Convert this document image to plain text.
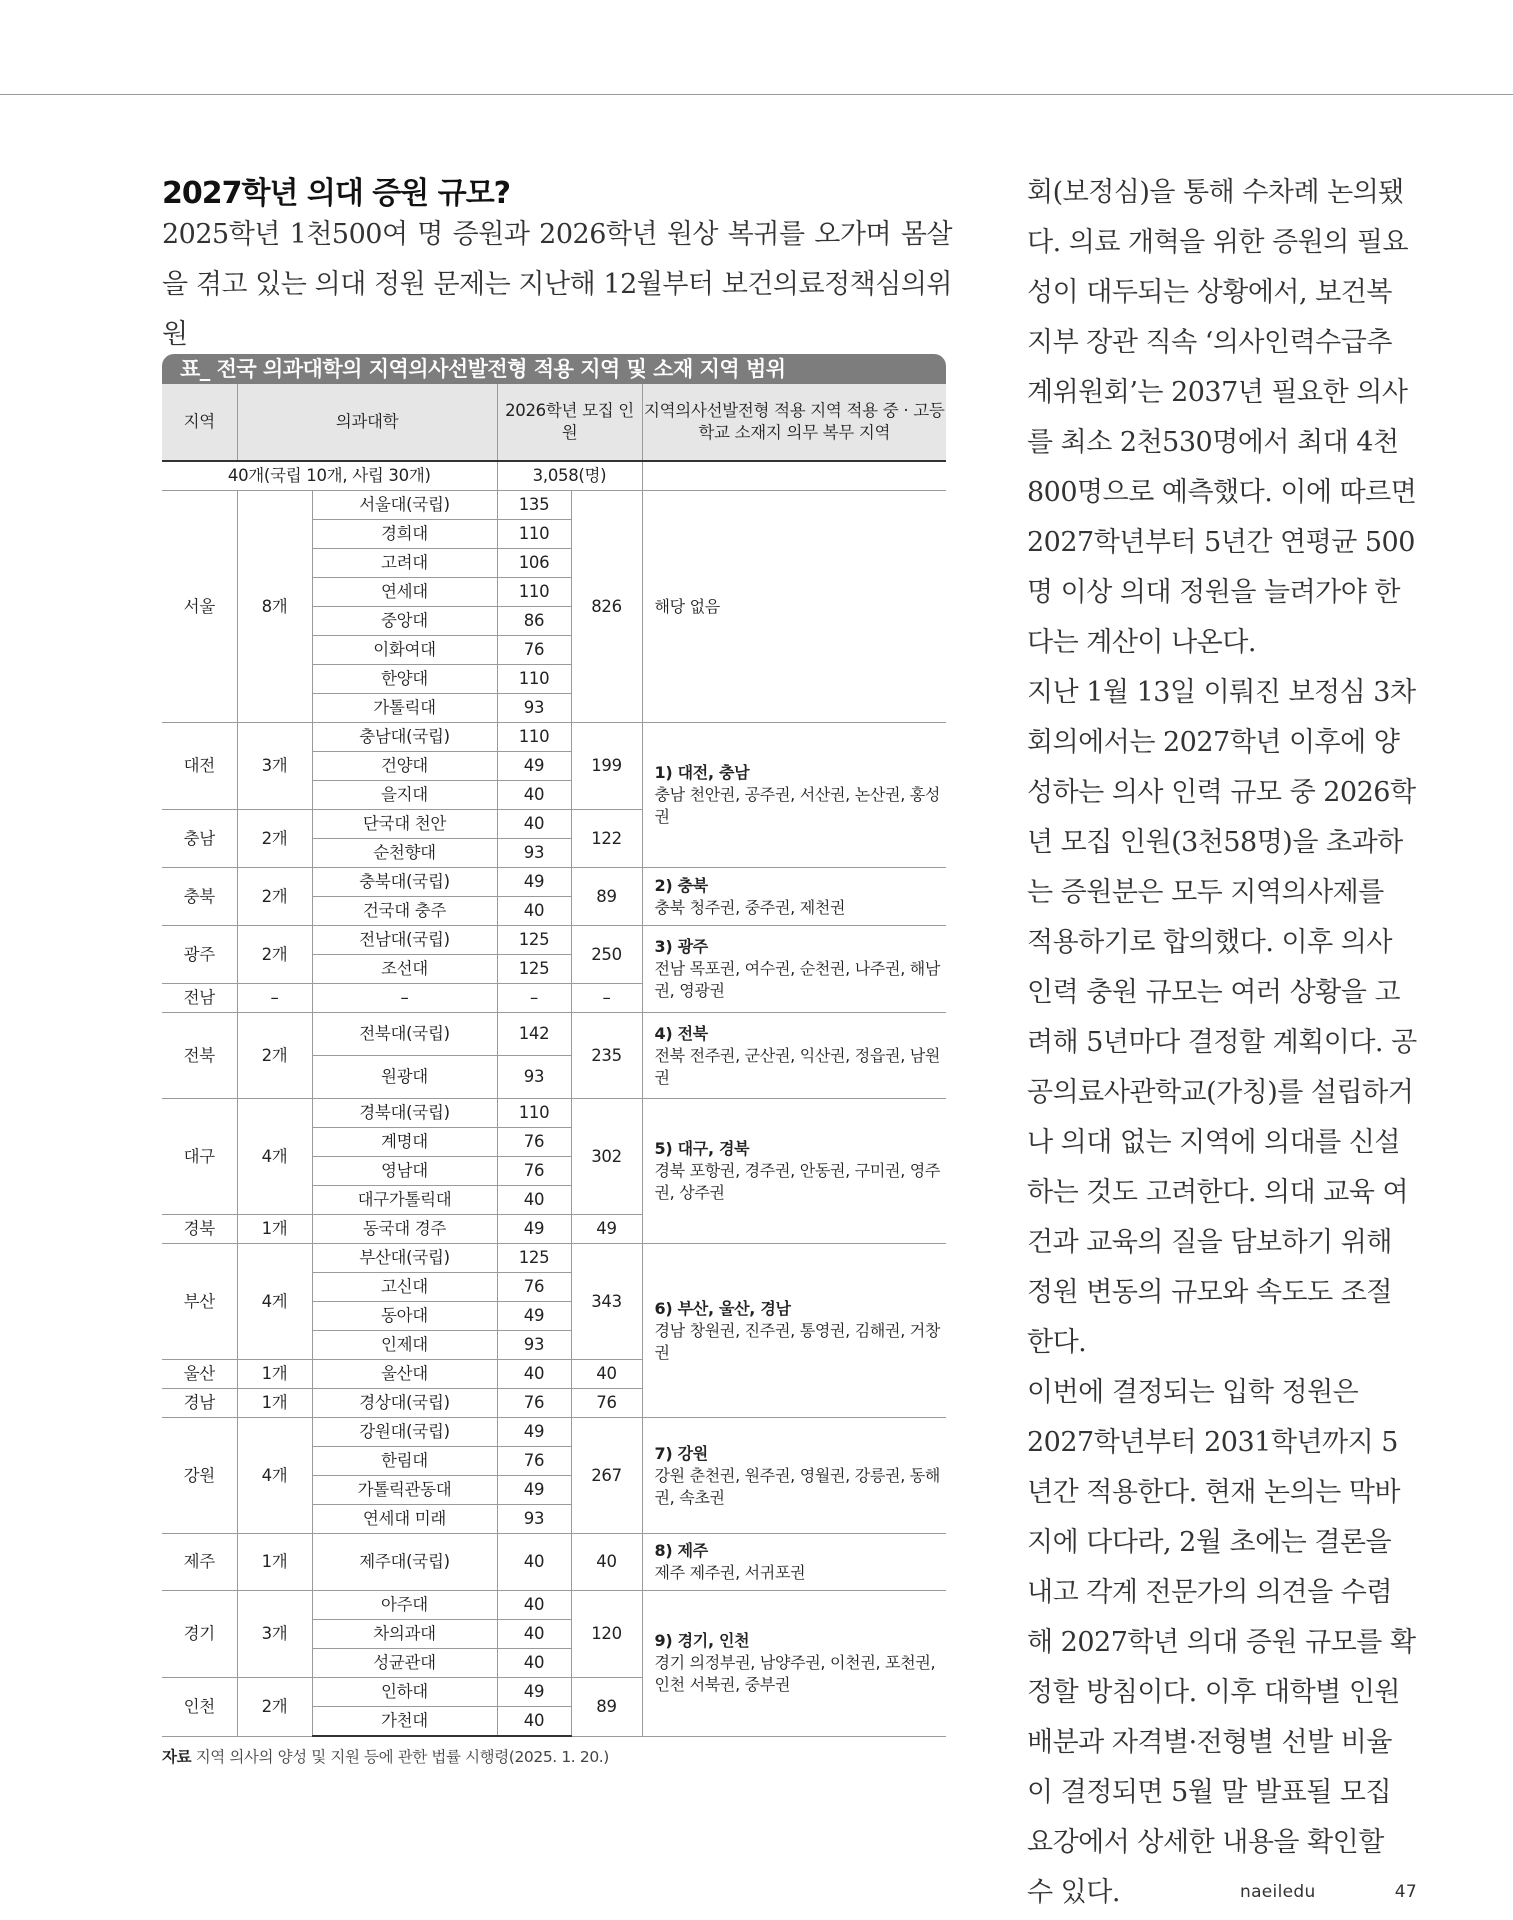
2027학년 의대 증원 규모?

2025학년 1천500여 명 증원과 2026학년 원상 복귀를 오가며 몸살을 겪고 있는 의대 정원 문제는 지난해 12월부터 보건의료정책심의위원

회(보정심)을 통해 수차례 논의됐다. 의료 개혁을 위한 증원의 필요성이 대두되는 상황에서, 보건복지부 장관 직속 ‘의사인력수급추계위원회’는 2037년 필요한 의사를 최소 2천530명에서 최대 4천800명으로 예측했다. 이에 따르면 2027학년부터 5년간 연평균 500명 이상 의대 정원을 늘려가야 한다는 계산이 나온다.

지난 1월 13일 이뤄진 보정심 3차 회의에서는 2027학년 이후에 양성하는 의사 인력 규모 중 2026학년 모집 인원(3천58명)을 초과하는 증원분은 모두 지역의사제를 적용하기로 합의했다. 이후 의사 인력 충원 규모는 여러 상황을 고려해 5년마다 결정할 계획이다. 공공의료사관학교(가칭)를 설립하거나 의대 없는 지역에 의대를 신설하는 것도 고려한다. 의대 교육 여건과 교육의 질을 담보하기 위해 정원 변동의 규모와 속도도 조절한다.

이번에 결정되는 입학 정원은 2027학년부터 2031학년까지 5년간 적용한다. 현재 논의는 막바지에 다다라, 2월 초에는 결론을 내고 각계 전문가의 의견을 수렴해 2027학년 의대 증원 규모를 확정할 방침이다. 이후 대학별 인원 배분과 자격별·전형별 선발 비율이 결정되면 5월 말 발표될 모집 요강에서 상세한 내용을 확인할 수 있다.

표_ 전국 의과대학의 지역의사선발전형 적용 지역 및 소재 지역 범위
지역	의과대학		2026학년 모집 인원		지역의사선발전형 적용 지역 적용 중 · 고등학교 소재지 의무 복무 지역
40개(국립 10개, 사립 30개)			3,058(명)		
서울	8개	서울대(국립)	135	826	해당 없음
		경희대	110		
		고려대	106		
		연세대	110		
		중앙대	86		
		이화여대	76		
		한양대	110		
		가톨릭대	93		
대전	3개	충남대(국립)	110	199	1) 대전, 충남
충남 천안권, 공주권, 서산권, 논산권, 홍성권
		건양대	49		
		을지대	40		
충남	2개	단국대 천안	40	122	
		순천향대	93		
충북	2개	충북대(국립)	49	89	2) 충북
충북 청주권, 중주권, 제천권
		건국대 충주	40		
광주	2개	전남대(국립)	125	250	3) 광주
전남 목포권, 여수권, 순천권, 나주권, 해남권, 영광권
		조선대	125		
전남	–	–	–	–	
전북	2개	전북대(국립)	142	235	4) 전북
전북 전주권, 군산권, 익산권, 정읍권, 남원권
		원광대	93		
대구	4개	경북대(국립)	110	302	5) 대구, 경북
경북 포항권, 경주권, 안동권, 구미권, 영주권, 상주권
		계명대	76		
		영남대	76		
		대구가톨릭대	40		
경북	1개	동국대 경주	49	49	
부산	4게	부산대(국립)	125	343	6) 부산, 울산, 경남
경남 창원권, 진주권, 통영권, 김해권, 거창권
		고신대	76		
		동아대	49		
		인제대	93		
울산	1개	울산대	40	40	
경남	1개	경상대(국립)	76	76	
강원	4개	강원대(국립)	49	267	7) 강원
강원 춘천권, 원주권, 영월권, 강릉권, 동해권, 속초권
		한림대	76		
		가톨릭관동대	49		
		연세대 미래	93		
제주	1개	제주대(국립)	40	40	8) 제주
제주 제주권, 서귀포권
경기	3개	아주대	40	120	9) 경기, 인천
경기 의정부권, 남양주권, 이천권, 포천권, 인천 서북권, 중부권
		차의과대	40		
		성균관대	40		
인천	2개	인하대	49	89	
		가천대	40		
자료 지역 의사의 양성 및 지원 등에 관한 법률 시행령(2025. 1. 20.)
naeiledu	47
